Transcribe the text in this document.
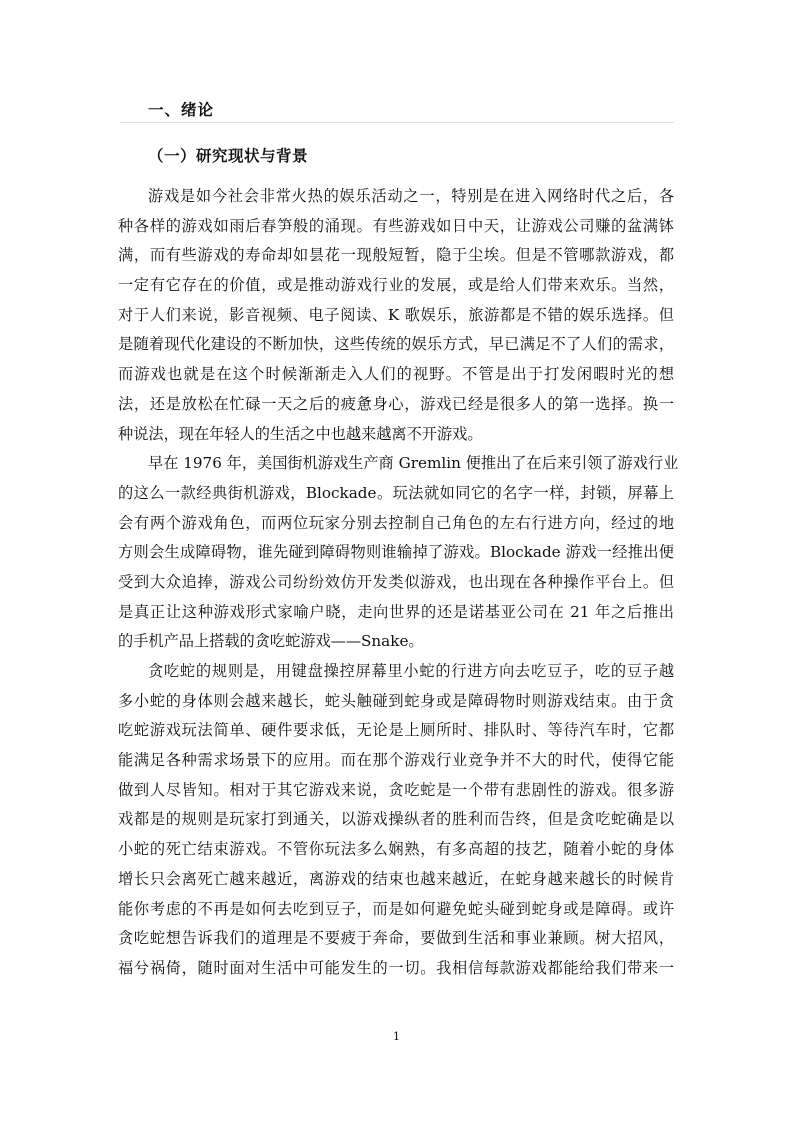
一、绪论
（一）研究现状与背景
游戏是如今社会非常火热的娱乐活动之一，特别是在进入网络时代之后，各
种各样的游戏如雨后春笋般的涌现。有些游戏如日中天，让游戏公司赚的盆满钵
满，而有些游戏的寿命却如昙花一现般短暂，隐于尘埃。但是不管哪款游戏，都
一定有它存在的价值，或是推动游戏行业的发展，或是给人们带来欢乐。当然，
对于人们来说，影音视频、电子阅读、K 歌娱乐，旅游都是不错的娱乐选择。但
是随着现代化建设的不断加快，这些传统的娱乐方式，早已满足不了人们的需求，
而游戏也就是在这个时候渐渐走入人们的视野。不管是出于打发闲暇时光的想
法，还是放松在忙碌一天之后的疲惫身心，游戏已经是很多人的第一选择。换一
种说法，现在年轻人的生活之中也越来越离不开游戏。
早在 1976 年，美国街机游戏生产商 Gremlin 便推出了在后来引领了游戏行业
的这么一款经典街机游戏，Blockade。玩法就如同它的名字一样，封锁，屏幕上
会有两个游戏角色，而两位玩家分别去控制自己角色的左右行进方向，经过的地
方则会生成障碍物，谁先碰到障碍物则谁输掉了游戏。Blockade 游戏一经推出便
受到大众追捧，游戏公司纷纷效仿开发类似游戏，也出现在各种操作平台上。但
是真正让这种游戏形式家喻户晓，走向世界的还是诺基亚公司在 21 年之后推出
的手机产品上搭载的贪吃蛇游戏——Snake。
贪吃蛇的规则是，用键盘操控屏幕里小蛇的行进方向去吃豆子，吃的豆子越
多小蛇的身体则会越来越长，蛇头触碰到蛇身或是障碍物时则游戏结束。由于贪
吃蛇游戏玩法简单、硬件要求低，无论是上厕所时、排队时、等待汽车时，它都
能满足各种需求场景下的应用。而在那个游戏行业竞争并不大的时代，使得它能
做到人尽皆知。相对于其它游戏来说，贪吃蛇是一个带有悲剧性的游戏。很多游
戏都是的规则是玩家打到通关，以游戏操纵者的胜利而告终，但是贪吃蛇确是以
小蛇的死亡结束游戏。不管你玩法多么娴熟，有多高超的技艺，随着小蛇的身体
增长只会离死亡越来越近，离游戏的结束也越来越近，在蛇身越来越长的时候肯
能你考虑的不再是如何去吃到豆子，而是如何避免蛇头碰到蛇身或是障碍。或许
贪吃蛇想告诉我们的道理是不要疲于奔命，要做到生活和事业兼顾。树大招风，
福兮祸倚，随时面对生活中可能发生的一切。我相信每款游戏都能给我们带来一
1
